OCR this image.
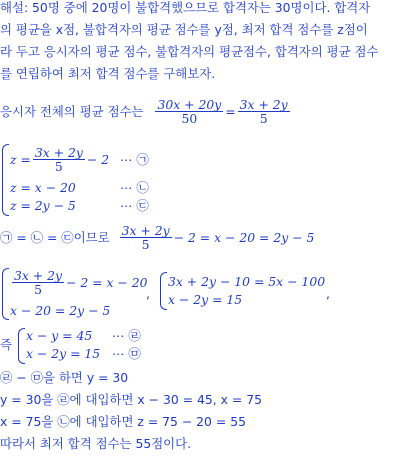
해설: 50명 중에 20명이 불합격했으므로 합격자는 30명이다. 합격자
의 평균을 x점, 불합격자의 평균 점수를 y점, 최저 합격 점수를 z점이
라 두고 응시자의 평균 점수, 불합격자의 평균점수, 합격자의 평균 점수
를 연립하여 최저 합격 점수를 구해보자.
응시자 전체의 평균 점수는 $\frac{30x + 20y}{50} = \frac{3x + 2y}{5}$
$z = \frac{3x + 2y}{5} - 2$ ⋯ ㉠
z = x − 20	⋯ ㉡
z = 2y − 5	⋯ ㉢
㉠ = ㉡ = ㉢이므로 $\frac{3x + 2y}{5} - 2 = x - 20 = 2y - 5$
$\frac{3x + 2y}{5} - 2 = x - 20$
x − 20 = 2y − 5
,
3x + 2y − 10 = 5x − 100
x − 2y = 15	,
즉
x − y = 45 ⋯ ㉣
x − 2y = 15 ⋯ ㉤
㉣ − ㉤을 하면 y = 30
y = 30을 ㉣에 대입하면 x − 30 = 45, x = 75
x = 75을 ㉡에 대입하면 z = 75 − 20 = 55
따라서 최저 합격 점수는 55점이다.
